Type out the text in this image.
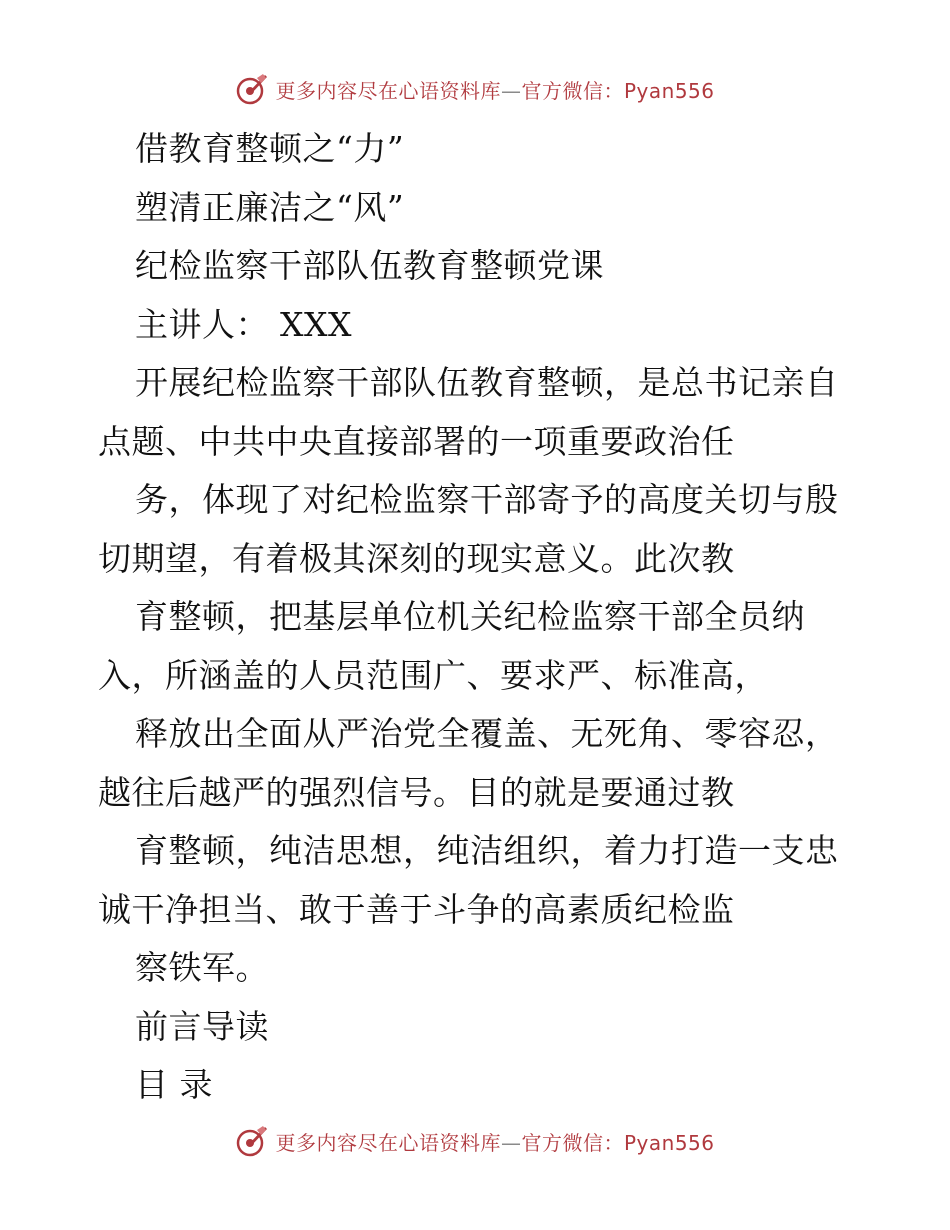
更多内容尽在心语资料库—官方微信：Pyan556
借教育整顿之“力”
塑清正廉洁之“风”
纪检监察干部队伍教育整顿党课
主讲人： XXX
开展纪检监察干部队伍教育整顿，是总书记亲自
点题、中共中央直接部署的一项重要政治任
务，体现了对纪检监察干部寄予的高度关切与殷
切期望，有着极其深刻的现实意义。此次教
育整顿，把基层单位机关纪检监察干部全员纳
入，所涵盖的人员范围广、要求严、标准高，
释放出全面从严治党全覆盖、无死角、零容忍，
越往后越严的强烈信号。目的就是要通过教
育整顿，纯洁思想，纯洁组织，着力打造一支忠
诚干净担当、敢于善于斗争的高素质纪检监
察铁军。
前言导读
目 录
更多内容尽在心语资料库—官方微信：Pyan556
